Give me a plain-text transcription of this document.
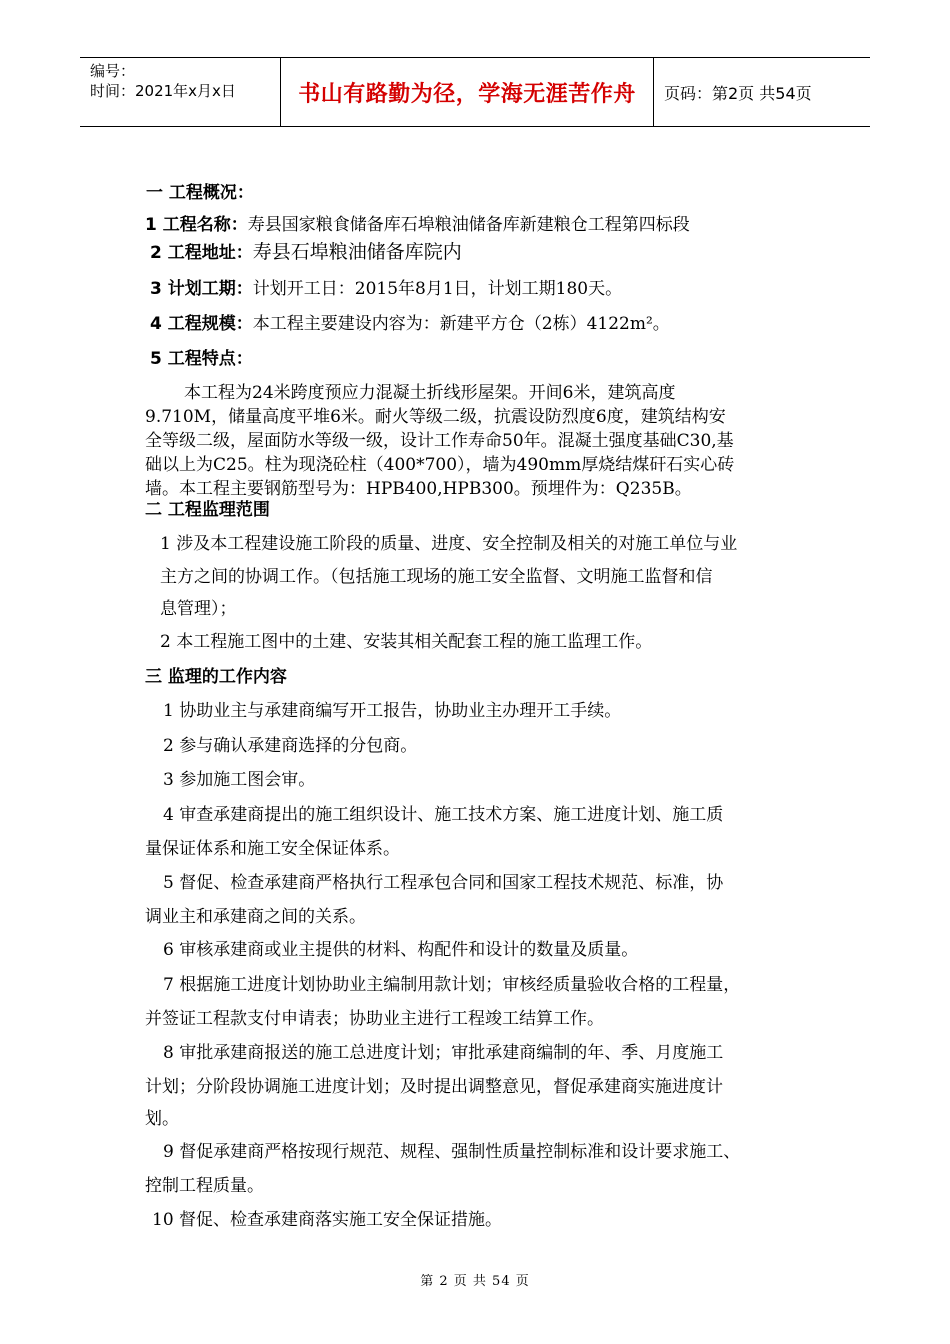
编号：
时间：2021年x月x日	书山有路勤为径，学海无涯苦作舟	页码：第2页 共54页
一 工程概况：
1 工程名称：寿县国家粮食储备库石埠粮油储备库新建粮仓工程第四标段
2 工程地址：寿县石埠粮油储备库院内
3 计划工期：计划开工日：2015年8月1日，计划工期180天。
4 工程规模：本工程主要建设内容为：新建平方仓（2栋）4122m²。
5 工程特点：
本工程为24米跨度预应力混凝土折线形屋架。开间6米，建筑高度
9.710M，储量高度平堆6米。耐火等级二级，抗震设防烈度6度，建筑结构安
全等级二级，屋面防水等级一级，设计工作寿命50年。混凝土强度基础C30,基
础以上为C25。柱为现浇砼柱（400*700），墙为490mm厚烧结煤矸石实心砖
墙。本工程主要钢筋型号为：HPB400,HPB300。预埋件为：Q235B。
二 工程监理范围
1 涉及本工程建设施工阶段的质量、进度、安全控制及相关的对施工单位与业
主方之间的协调工作。（包括施工现场的施工安全监督、文明施工监督和信
息管理）；
2 本工程施工图中的土建、安装其相关配套工程的施工监理工作。
三 监理的工作内容
1 协助业主与承建商编写开工报告，协助业主办理开工手续。
2 参与确认承建商选择的分包商。
3 参加施工图会审。
4 审查承建商提出的施工组织设计、施工技术方案、施工进度计划、施工质
量保证体系和施工安全保证体系。
5 督促、检查承建商严格执行工程承包合同和国家工程技术规范、标准，协
调业主和承建商之间的关系。
6 审核承建商或业主提供的材料、构配件和设计的数量及质量。
7 根据施工进度计划协助业主编制用款计划；审核经质量验收合格的工程量，
并签证工程款支付申请表；协助业主进行工程竣工结算工作。
8 审批承建商报送的施工总进度计划；审批承建商编制的年、季、月度施工
计划；分阶段协调施工进度计划；及时提出调整意见，督促承建商实施进度计
划。
9 督促承建商严格按现行规范、规程、强制性质量控制标准和设计要求施工、
控制工程质量。
10 督促、检查承建商落实施工安全保证措施。
第 2 页 共 54 页
